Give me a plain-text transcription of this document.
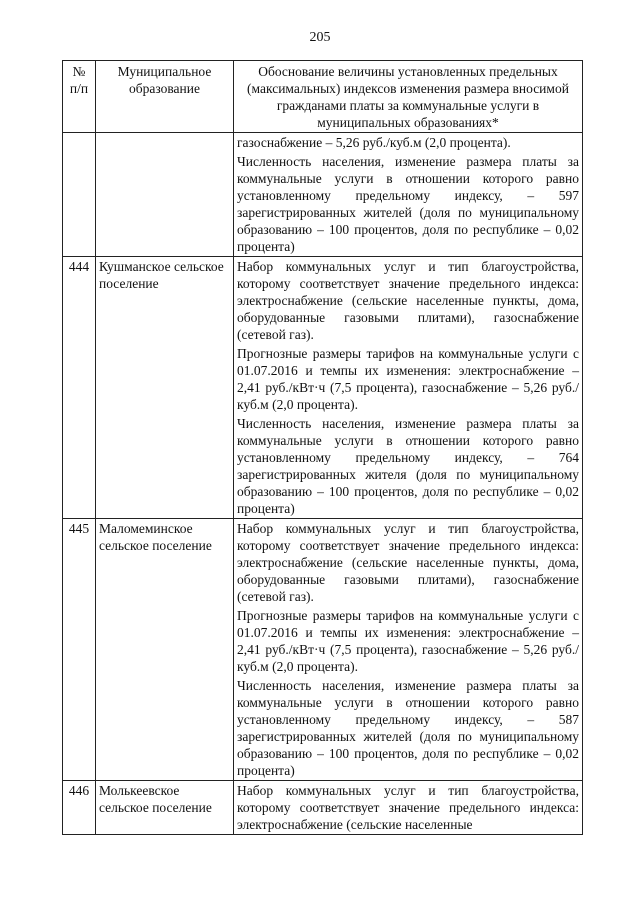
205
№ п/п	Муниципальное образование	Обоснование величины установленных предельных (максимальных) индексов изменения размера вносимой гражданами платы за коммунальные услуги в муниципальных образованиях*

		газоснабжение – 5,26 руб./куб.м (2,0 процента).

Численность населения, изменение размера платы за коммунальные услуги в отношении которого равно установленному предельному индексу, – 597 зарегистрированных жителей (доля по муниципальному образованию – 100 процентов, доля по республике – 0,02 процента)

444	Кушманское сельское поселение	Набор коммунальных услуг и тип благоустройства, которому соответствует значение предельного индекса: электроснабжение (сельские населенные пункты, дома, оборудованные газовыми плитами), газоснабжение (сетевой газ).

Прогнозные размеры тарифов на коммунальные услуги с 01.07.2016 и темпы их изменения: электроснабжение – 2,41 руб./кВт·ч (7,5 процента), газоснабжение – 5,26 руб./куб.м (2,0 процента).

Численность населения, изменение размера платы за коммунальные услуги в отношении которого равно установленному предельному индексу, – 764 зарегистрированных жителя (доля по муниципальному образованию – 100 процентов, доля по республике – 0,02 процента)

445	Маломеминское сельское поселение	Набор коммунальных услуг и тип благоустройства, которому соответствует значение предельного индекса: электроснабжение (сельские населенные пункты, дома, оборудованные газовыми плитами), газоснабжение (сетевой газ).

Прогнозные размеры тарифов на коммунальные услуги с 01.07.2016 и темпы их изменения: электроснабжение – 2,41 руб./кВт·ч (7,5 процента), газоснабжение – 5,26 руб./куб.м (2,0 процента).

Численность населения, изменение размера платы за коммунальные услуги в отношении которого равно установленному предельному индексу, – 587 зарегистрированных жителей (доля по муниципальному образованию – 100 процентов, доля по республике – 0,02 процента)

446	Молькеевское сельское поселение	Набор коммунальных услуг и тип благоустройства, которому соответствует значение предельного индекса: электроснабжение (сельские населенные
